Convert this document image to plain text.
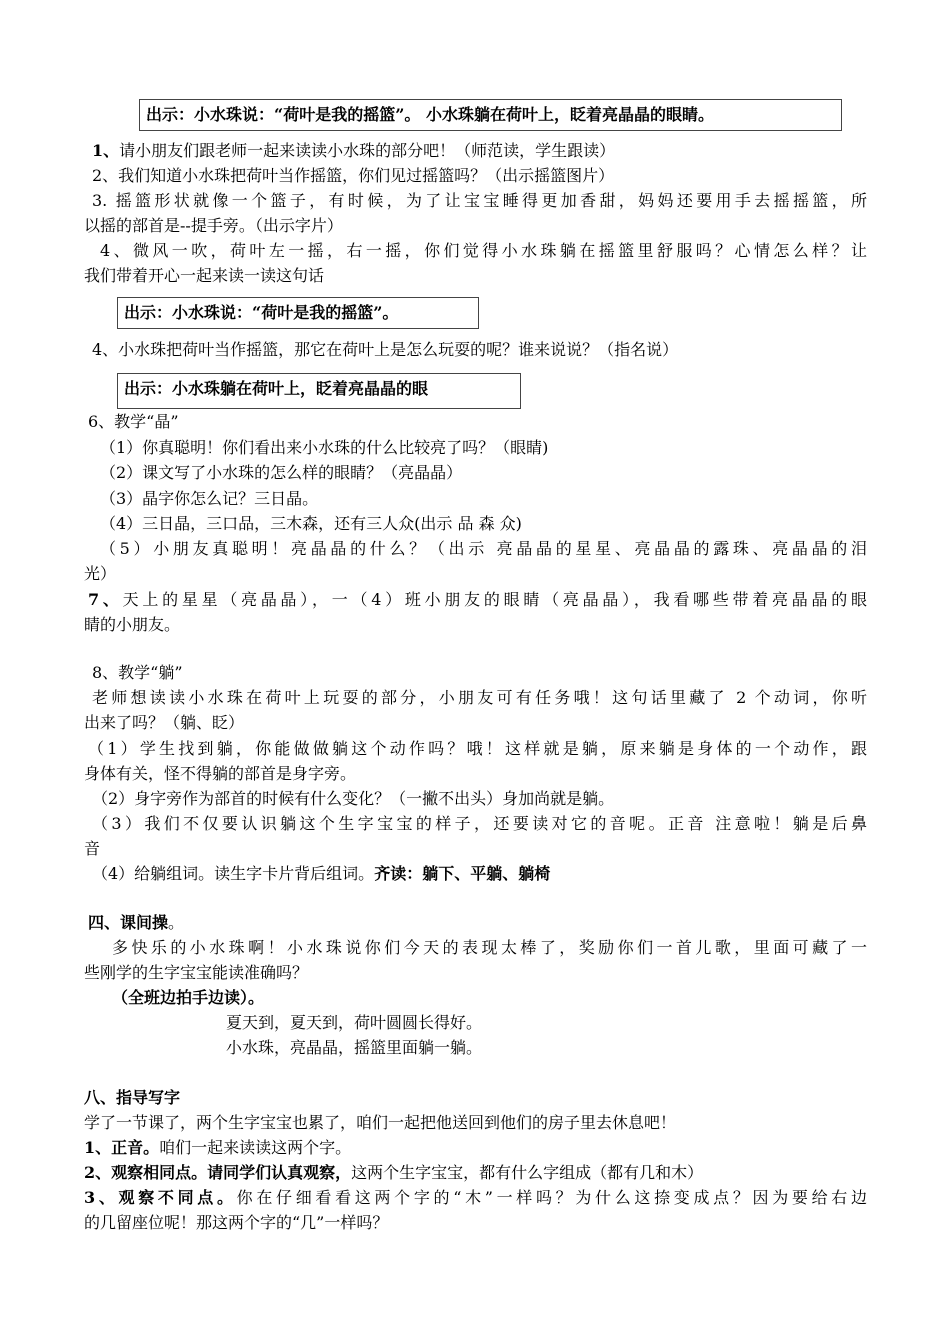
出示：小水珠说：“荷叶是我的摇篮”。 小水珠躺在荷叶上，眨着亮晶晶的眼睛。
1、请小朋友们跟老师一起来读读小水珠的部分吧！（师范读，学生跟读）
2、我们知道小水珠把荷叶当作摇篮，你们见过摇篮吗？（出示摇篮图片）
3. 摇篮形状就像一个篮子，有时候，为了让宝宝睡得更加香甜，妈妈还要用手去摇摇篮，所
以摇的部首是--提手旁。（出示字片）
4、微风一吹，荷叶左一摇，右一摇，你们觉得小水珠躺在摇篮里舒服吗？心情怎么样？让
我们带着开心一起来读一读这句话
出示：小水珠说：“荷叶是我的摇篮”。
4、小水珠把荷叶当作摇篮，那它在荷叶上是怎么玩耍的呢？谁来说说？（指名说）
出示：小水珠躺在荷叶上，眨着亮晶晶的眼
6、教学“晶”
（1）你真聪明！你们看出来小水珠的什么比较亮了吗？（眼睛)
（2）课文写了小水珠的怎么样的眼睛？（亮晶晶）
（3）晶字你怎么记？三日晶。
（4）三日晶，三口品，三木森，还有三人众(出示 品 森 众)
（5）小朋友真聪明！亮晶晶的什么？（出示 亮晶晶的星星、亮晶晶的露珠、亮晶晶的泪
光）
7、天上的星星（亮晶晶），一（4）班小朋友的眼睛（亮晶晶），我看哪些带着亮晶晶的眼
睛的小朋友。
8、教学“躺”
老师想读读小水珠在荷叶上玩耍的部分，小朋友可有任务哦！这句话里藏了 2 个动词，你听
出来了吗？（躺、眨）
（1）学生找到躺，你能做做躺这个动作吗？哦！这样就是躺，原来躺是身体的一个动作，跟
身体有关，怪不得躺的部首是身字旁。
（2）身字旁作为部首的时候有什么变化？（一撇不出头）身加尚就是躺。
（3）我们不仅要认识躺这个生字宝宝的样子，还要读对它的音呢。正音 注意啦！躺是后鼻
音
（4）给躺组词。读生字卡片背后组词。齐读：躺下、平躺、躺椅
四、课间操。
多快乐的小水珠啊！小水珠说你们今天的表现太棒了，奖励你们一首儿歌，里面可藏了一
些刚学的生字宝宝能读准确吗？
（全班边拍手边读）。
夏天到，夏天到，荷叶圆圆长得好。
小水珠，亮晶晶，摇篮里面躺一躺。
八、指导写字
学了一节课了，两个生字宝宝也累了，咱们一起把他送回到他们的房子里去休息吧！
1、正音。咱们一起来读读这两个字。
2、观察相同点。请同学们认真观察，这两个生字宝宝，都有什么字组成（都有几和木）
3、观察不同点。你在仔细看看这两个字的“木”一样吗？为什么这捺变成点？因为要给右边
的几留座位呢！那这两个字的“几”一样吗？
